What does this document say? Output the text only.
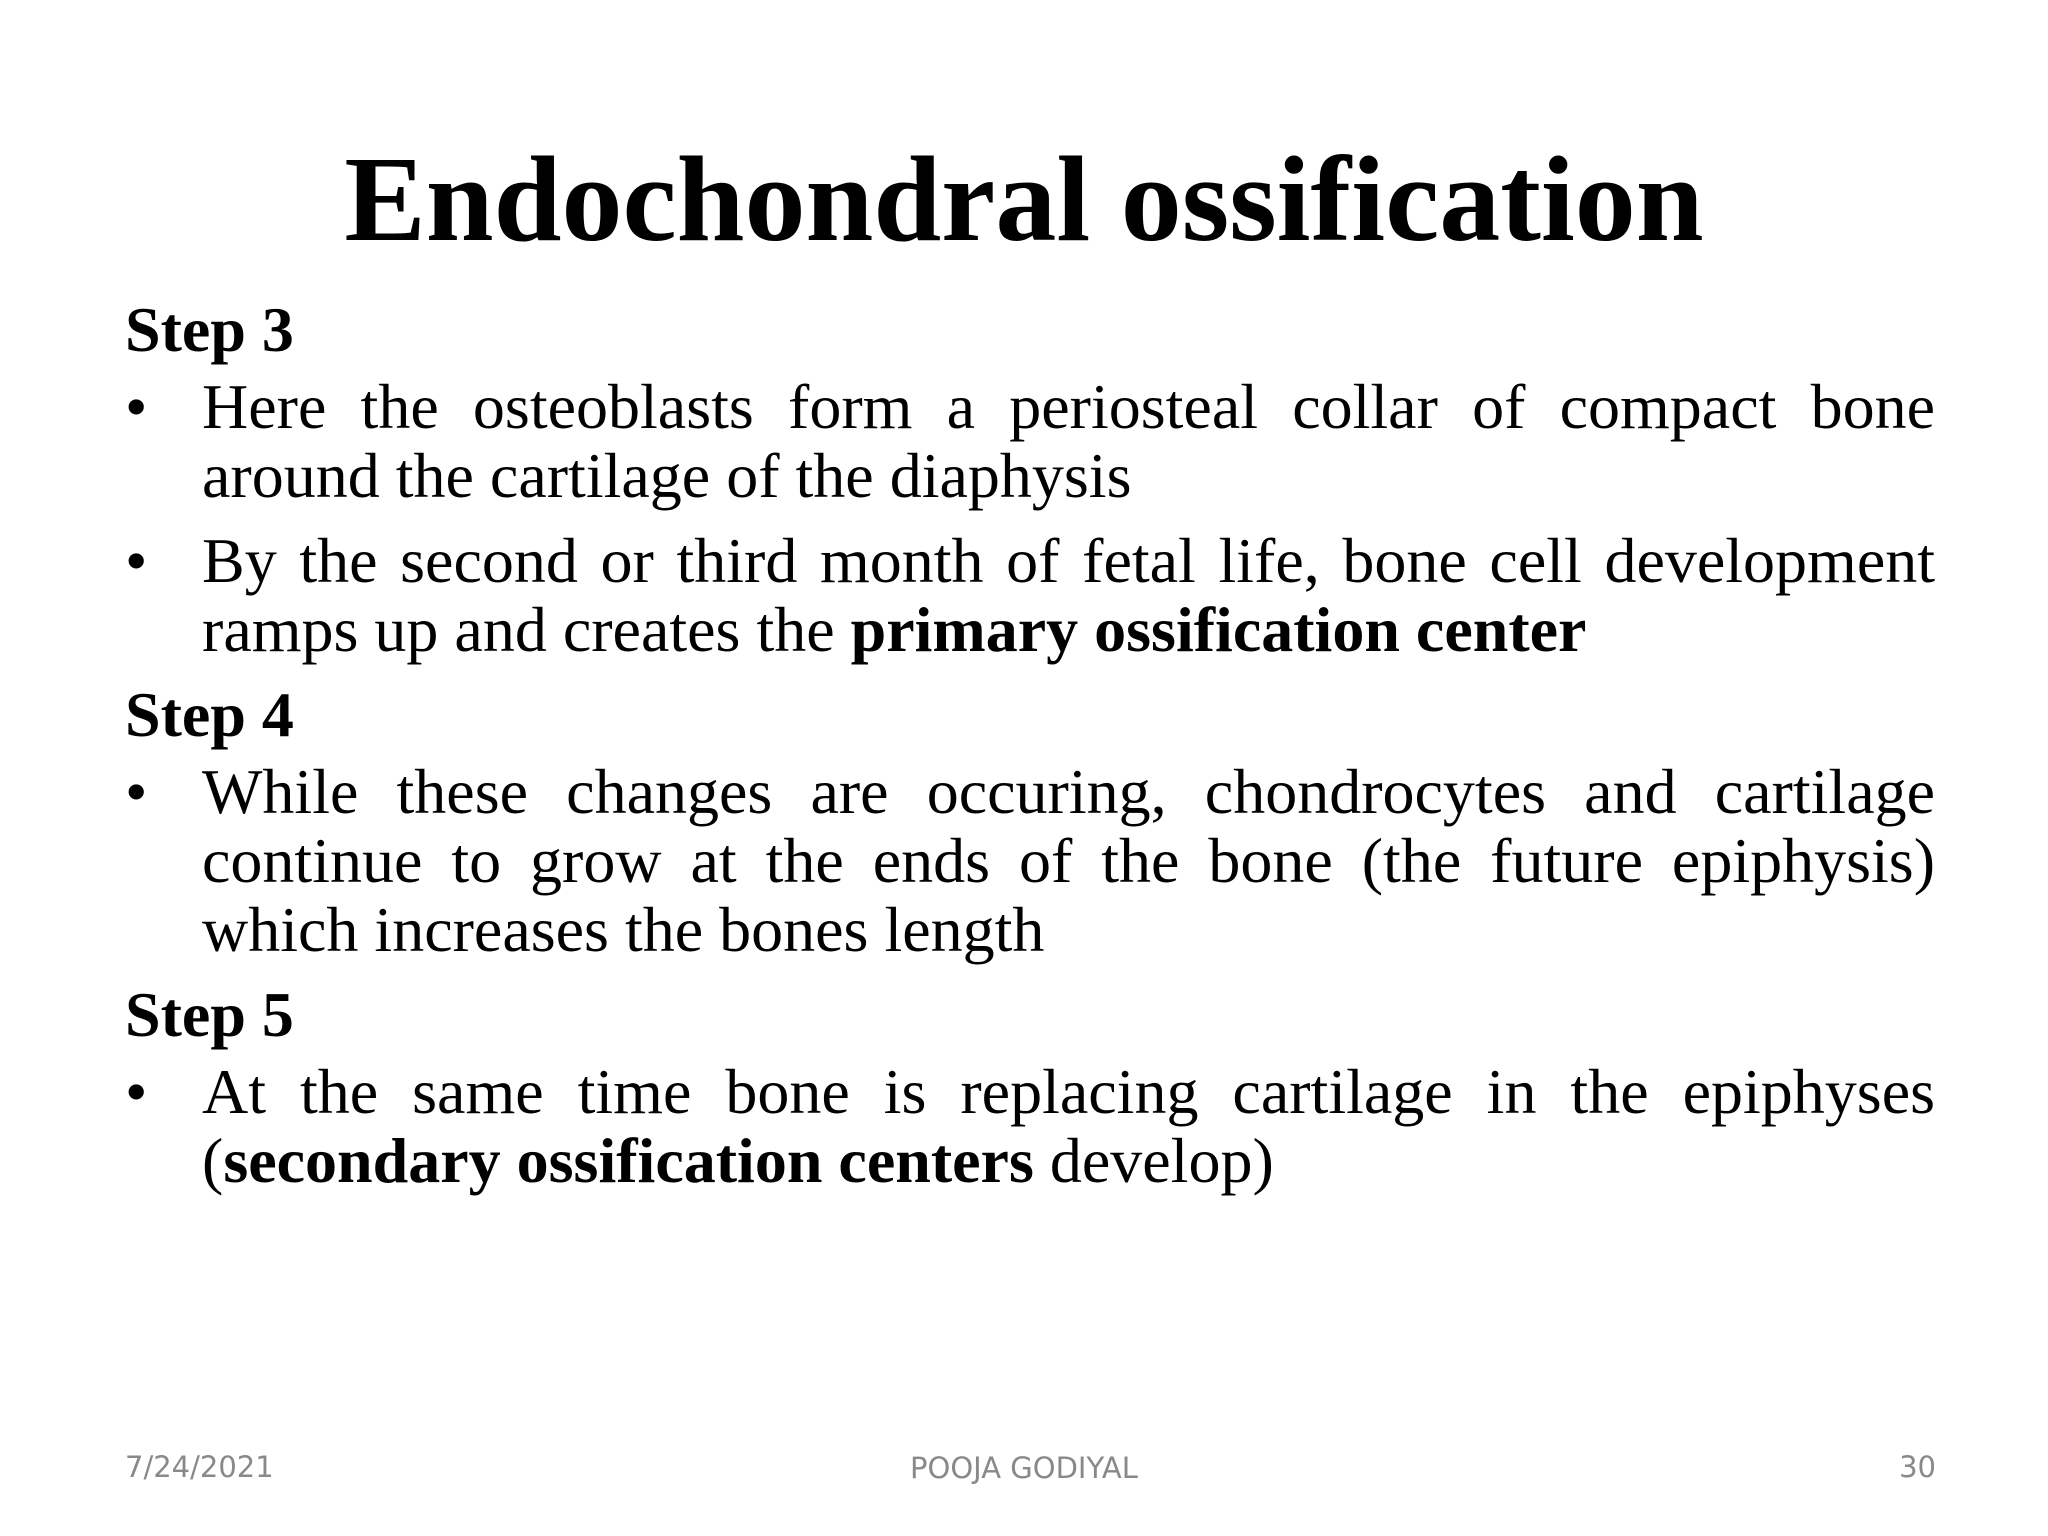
Endochondral ossification
Step 3
• Here the osteoblasts form a periosteal collar of compact bone around the cartilage of the diaphysis
• By the second or third month of fetal life, bone cell development ramps up and creates the primary ossification center
Step 4
• While these changes are occuring, chondrocytes and cartilage continue to grow at the ends of the bone (the future epiphysis) which increases the bones length
Step 5
• At the same time bone is replacing cartilage in the epiphyses (secondary ossification centers develop)
7/24/2021	POOJA GODIYAL	30
